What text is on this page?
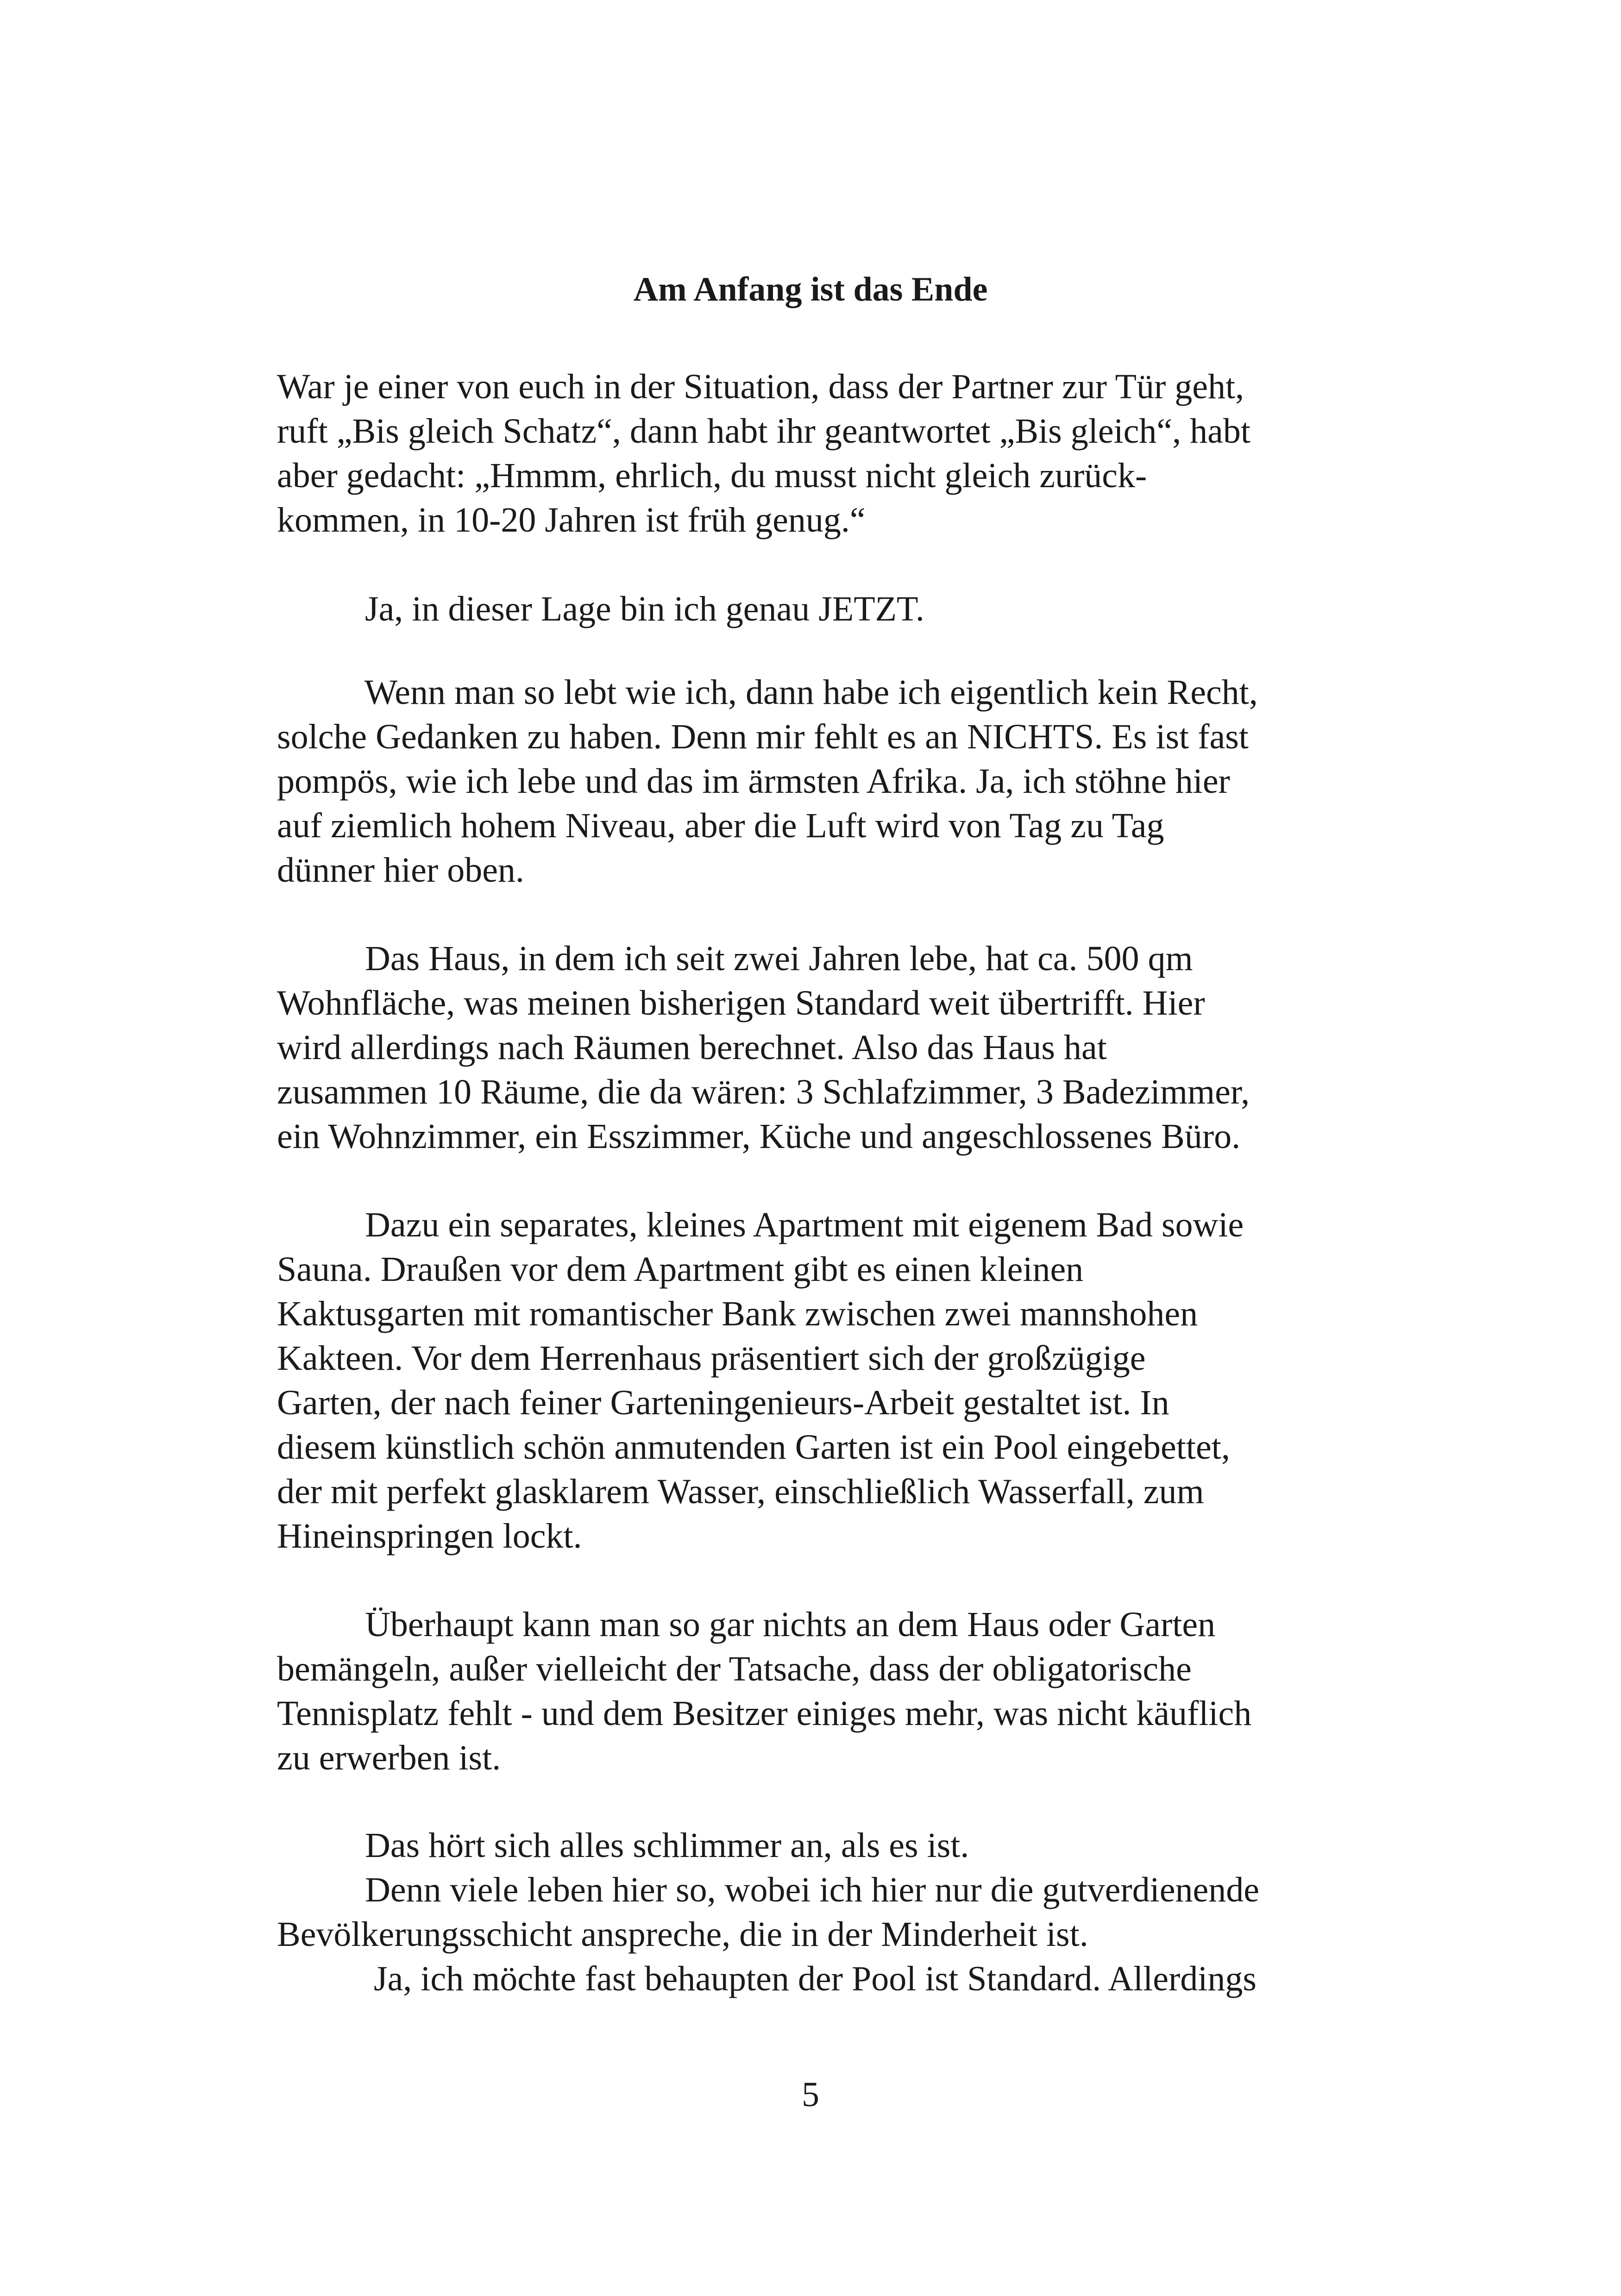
Am Anfang ist das Ende

War je einer von euch in der Situation, dass der Partner zur Tür geht,
ruft „Bis gleich Schatz“, dann habt ihr geantwortet „Bis gleich“, habt
aber gedacht: „Hmmm, ehrlich, du musst nicht gleich zurück-
kommen, in 10-20 Jahren ist früh genug.“

Ja, in dieser Lage bin ich genau JETZT.

Wenn man so lebt wie ich, dann habe ich eigentlich kein Recht,
solche Gedanken zu haben. Denn mir fehlt es an NICHTS. Es ist fast
pompös, wie ich lebe und das im ärmsten Afrika. Ja, ich stöhne hier
auf ziemlich hohem Niveau, aber die Luft wird von Tag zu Tag
dünner hier oben.

Das Haus, in dem ich seit zwei Jahren lebe, hat ca. 500 qm
Wohnfläche, was meinen bisherigen Standard weit übertrifft. Hier
wird allerdings nach Räumen berechnet. Also das Haus hat
zusammen 10 Räume, die da wären: 3 Schlafzimmer, 3 Badezimmer,
ein Wohnzimmer, ein Esszimmer, Küche und angeschlossenes Büro.

Dazu ein separates, kleines Apartment mit eigenem Bad sowie
Sauna. Draußen vor dem Apartment gibt es einen kleinen
Kaktusgarten mit romantischer Bank zwischen zwei mannshohen
Kakteen. Vor dem Herrenhaus präsentiert sich der großzügige
Garten, der nach feiner Garteningenieurs-Arbeit gestaltet ist. In
diesem künstlich schön anmutenden Garten ist ein Pool eingebettet,
der mit perfekt glasklarem Wasser, einschließlich Wasserfall, zum
Hineinspringen lockt.

Überhaupt kann man so gar nichts an dem Haus oder Garten
bemängeln, außer vielleicht der Tatsache, dass der obligatorische
Tennisplatz fehlt - und dem Besitzer einiges mehr, was nicht käuflich
zu erwerben ist.

Das hört sich alles schlimmer an, als es ist.
Denn viele leben hier so, wobei ich hier nur die gutverdienende
Bevölkerungsschicht anspreche, die in der Minderheit ist.
Ja, ich möchte fast behaupten der Pool ist Standard. Allerdings

5
